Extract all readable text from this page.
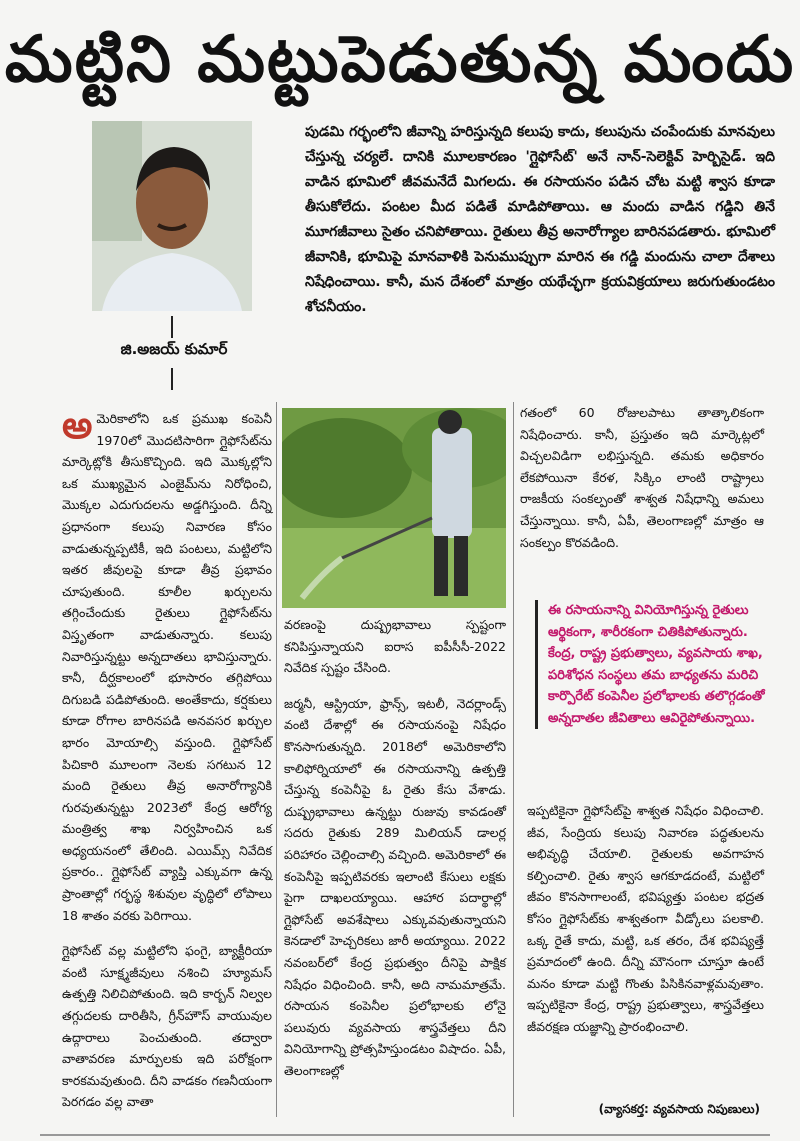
మట్టిని మట్టుపెడుతున్న మందు
జి.అజయ్ కుమార్

పుడమి గర్భంలోని జీవాన్ని హరిస్తున్నది కలుపు కాదు, కలుపును చంపేందుకు మానవులు చేస్తున్న చర్యలే. దానికి మూలకారణం 'గ్లైఫోసేట్' అనే నాన్-సెలెక్టివ్ హెర్బిసైడ్. ఇది వాడిన భూమిలో జీవమనేదే మిగలదు. ఈ రసాయనం పడిన చోట మట్టి శ్వాస కూడా తీసుకోలేదు. పంటల మీద పడితే మాడిపోతాయి. ఆ మందు వాడిన గడ్డిని తినే మూగజీవాలు సైతం చనిపోతాయి. రైతులు తీవ్ర అనారోగ్యాల బారినపడతారు. భూమిలో జీవానికి, భూమిపై మానవాళికి పెనుముప్పుగా మారిన ఈ గడ్డి మందును చాలా దేశాలు నిషేధించాయి. కానీ, మన దేశంలో మాత్రం యథేచ్ఛగా క్రయవిక్రయాలు జరుగుతుండటం శోచనీయం.

అమెరికాలోని ఒక ప్రముఖ కంపెనీ 1970లో మొదటిసారిగా గ్లైఫోసేట్‌ను మార్కెట్లోకి తీసుకొచ్చింది. ఇది మొక్కల్లోని ఒక ముఖ్యమైన ఎంజైమ్‌ను నిరోధించి, మొక్కల ఎదుగుదలను అడ్డగిస్తుంది. దీన్ని ప్రధానంగా కలుపు నివారణ కోసం వాడుతున్నప్పటికీ, ఇది పంటలు, మట్టిలోని ఇతర జీవులపై కూడా తీవ్ర ప్రభావం చూపుతుంది. కూలీల ఖర్చులను తగ్గించేందుకు రైతులు గ్లైఫోసేట్‌ను విస్తృతంగా వాడుతున్నారు. కలుపు నివారిస్తున్నట్టు అన్నదాతలు భావిస్తున్నారు. కానీ, దీర్ఘకాలంలో భూసారం తగ్గిపోయి దిగుబడి పడిపోతుంది. అంతేకాదు, కర్షకులు కూడా రోగాల బారినపడి అనవసర ఖర్చుల భారం మోయాల్సి వస్తుంది. గ్లైఫోసేట్ పిచికారి మూలంగా నెలకు సగటున 12 మంది రైతులు తీవ్ర అనారోగ్యానికి గురవుతున్నట్టు 2023లో కేంద్ర ఆరోగ్య మంత్రిత్వ శాఖ నిర్వహించిన ఒక అధ్యయనంలో తేలింది. ఎయిమ్స్ నివేదిక ప్రకారం.. గ్లైఫోసేట్ వ్యాప్తి ఎక్కువగా ఉన్న ప్రాంతాల్లో గర్భస్థ శిశువుల వృద్ధిలో లోపాలు 18 శాతం వరకు పెరిగాయి.

గ్లైఫోసేట్ వల్ల మట్టిలోని ఫంగై, బ్యాక్టీరియా వంటి సూక్ష్మజీవులు నశించి హ్యూమస్ ఉత్పత్తి నిలిచిపోతుంది. ఇది కార్బన్ నిల్వల తగ్గుదలకు దారితీసి, గ్రీన్‌హౌస్ వాయువుల ఉద్గారాలు పెంచుతుంది. తద్వారా వాతావరణ మార్పులకు ఇది పరోక్షంగా కారకమవుతుంది. దీని వాడకం గణనీయంగా పెరగడం వల్ల వాతా

వరణంపై దుష్ప్రభావాలు స్పష్టంగా కనిపిస్తున్నాయని ఐరాస ఐపీసీసీ-2022 నివేదిక స్పష్టం చేసింది.

జర్మనీ, ఆస్ట్రియా, ఫ్రాన్స్, ఇటలీ, నెదర్లాండ్స్ వంటి దేశాల్లో ఈ రసాయనంపై నిషేధం కొనసాగుతున్నది. 2018లో అమెరికాలోని కాలిఫోర్నియాలో ఈ రసాయనాన్ని ఉత్పత్తి చేస్తున్న కంపెనీపై ఓ రైతు కేసు వేశాడు. దుష్ప్రభావాలు ఉన్నట్టు రుజువు కావడంతో సదరు రైతుకు 289 మిలియన్ డాలర్ల పరిహారం చెల్లించాల్సి వచ్చింది. అమెరికాలో ఈ కంపెనీపై ఇప్పటివరకు ఇలాంటి కేసులు లక్షకు పైగా దాఖలయ్యాయి. ఆహార పదార్థాల్లో గ్లైఫోసేట్ అవశేషాలు ఎక్కువవుతున్నాయని కెనడాలో హెచ్చరికలు జారీ అయ్యాయి. 2022 నవంబర్‌లో కేంద్ర ప్రభుత్వం దీనిపై పాక్షిక నిషేధం విధించింది. కానీ, అది నామమాత్రమే. రసాయన కంపెనీల ప్రలోభాలకు లోనై పలువురు వ్యవసాయ శాస్త్రవేత్తలు దీని వినియోగాన్ని ప్రోత్సహిస్తుండటం విషాదం. ఏపీ, తెలంగాణల్లో

గతంలో 60 రోజులపాటు తాత్కాలికంగా నిషేధించారు. కానీ, ప్రస్తుతం ఇది మార్కెట్లలో విచ్చలవిడిగా లభిస్తున్నది. తమకు అధికారం లేకపోయినా కేరళ, సిక్కిం లాంటి రాష్ట్రాలు రాజకీయ సంకల్పంతో శాశ్వత నిషేధాన్ని అమలు చేస్తున్నాయి. కానీ, ఏపీ, తెలంగాణల్లో మాత్రం ఆ సంకల్పం కొరవడింది.

ఈ రసాయనాన్ని వినియోగిస్తున్న రైతులు ఆర్థికంగా, శారీరకంగా చితికిపోతున్నారు. కేంద్ర, రాష్ట్ర ప్రభుత్వాలు, వ్యవసాయ శాఖ, పరిశోధన సంస్థలు తమ బాధ్యతను మరిచి కార్పొరేట్ కంపెనీల ప్రలోభాలకు తలొగ్గడంతో అన్నదాతల జీవితాలు ఆవిరైపోతున్నాయి.

ఇప్పటికైనా గ్లైఫోసేట్‌పై శాశ్వత నిషేధం విధించాలి. జీవ, సేంద్రియ కలుపు నివారణ పద్ధతులను అభివృద్ధి చేయాలి. రైతులకు అవగాహన కల్పించాలి. రైతు శ్వాస ఆగకూడదంటే, మట్టిలో జీవం కొనసాగాలంటే, భవిష్యత్తు పంటల భద్రత కోసం గ్లైఫోసేట్‌కు శాశ్వతంగా వీడ్కోలు పలకాలి. ఒక్క రైతే కాదు, మట్టి, ఒక తరం, దేశ భవిష్యత్తే ప్రమాదంలో ఉంది. దీన్ని మౌనంగా చూస్తూ ఉంటే మనం కూడా మట్టి గొంతు పిసికినవాళ్లమవుతాం. ఇప్పటికైనా కేంద్ర, రాష్ట్ర ప్రభుత్వాలు, శాస్త్రవేత్తలు జీవరక్షణ యజ్ఞాన్ని ప్రారంభించాలి.

(వ్యాసకర్త: వ్యవసాయ నిపుణులు)
